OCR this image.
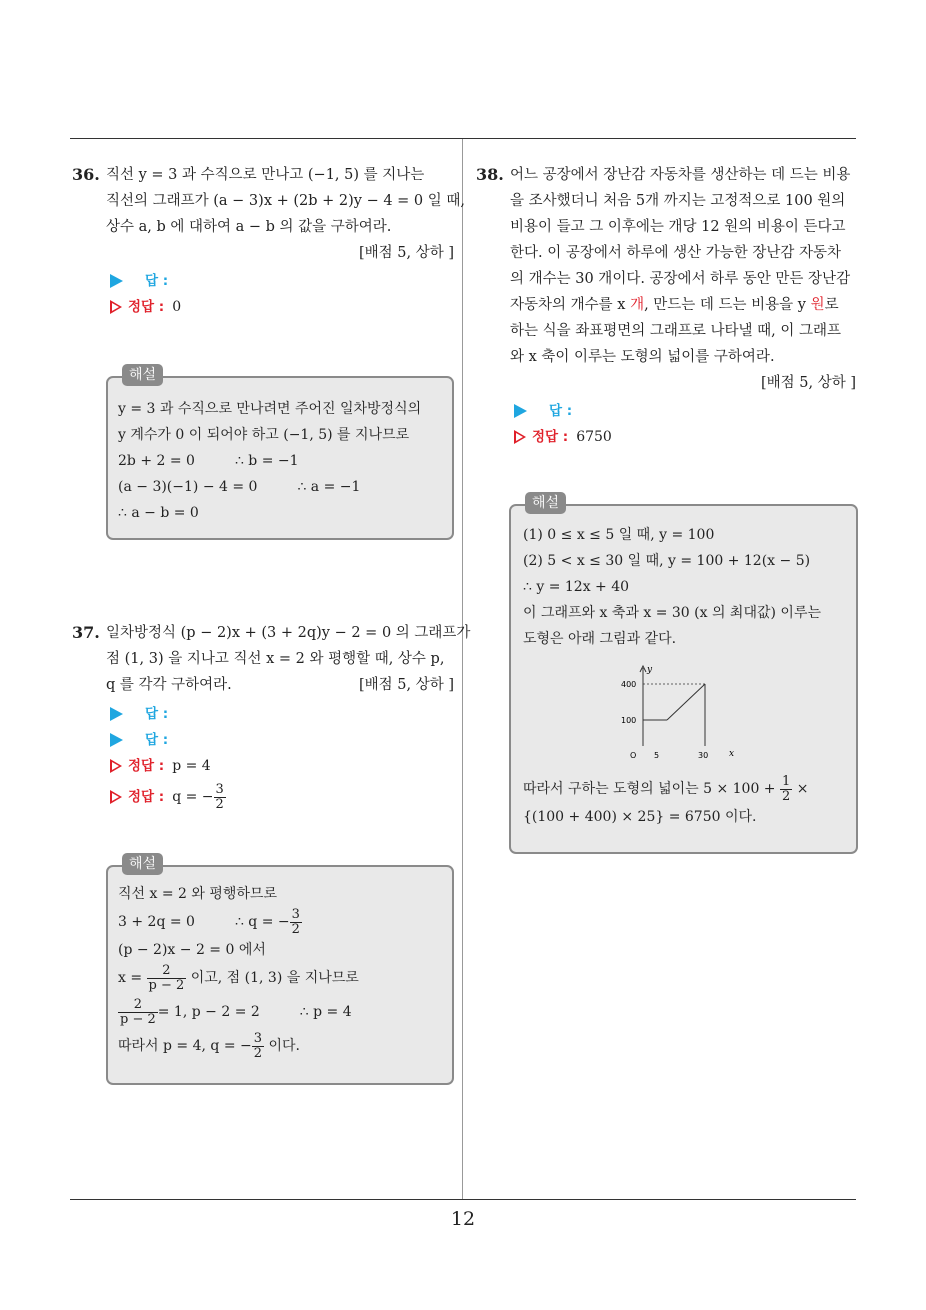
36. 직선 y = 3 과 수직으로 만나고 (−1, 5) 를 지나는
직선의 그래프가 (a − 3)x + (2b + 2)y − 4 = 0 일 때,
상수 a, b 에 대하여 a − b 의 값을 구하여라.
[배점 5, 상하 ]
답 :
정답 : 0
해설
y = 3 과 수직으로 만나려면 주어진 일차방정식의
y 계수가 0 이 되어야 하고 (−1, 5) 를 지나므로
2b + 2 = 0	∴ b = −1
(a − 3)(−1) − 4 = 0	∴ a = −1
∴ a − b = 0
37. 일차방정식 (p − 2)x + (3 + 2q)y − 2 = 0 의 그래프가
점 (1, 3) 을 지나고 직선 x = 2 와 평행할 때, 상수 p,
q 를 각각 구하여라.	[배점 5, 상하 ]
답 :
답 :
정답 : p = 4
정답 : q = − $\frac{3}{2}$
해설
직선 x = 2 와 평행하므로
3 + 2q = 0	∴ q = − $\frac{3}{2}$
(p − 2)x − 2 = 0 에서
$x = \frac{2}{p - 2}$ 이고, 점 (1, 3) 을 지나므로
$\frac{2}{p - 2} = 1$, p − 2 = 2	∴ p = 4
따라서 p = 4, q = − $\frac{3}{2}$ 이다.
38. 어느 공장에서 장난감 자동차를 생산하는 데 드는 비용
을 조사했더니 처음 5개 까지는 고정적으로 100 원의
비용이 들고 그 이후에는 개당 12 원의 비용이 든다고
한다. 이 공장에서 하루에 생산 가능한 장난감 자동차
의 개수는 30 개이다. 공장에서 하루 동안 만든 장난감
자동차의 개수를 x 개, 만드는 데 드는 비용을 y 원로
하는 식을 좌표평면의 그래프로 나타낼 때, 이 그래프
와 x 축이 이루는 도형의 넓이를 구하여라.
[배점 5, 상하 ]
답 :
정답 : 6750
해설
(1) 0 ≤ x ≤ 5 일 때, y = 100
(2) 5 < x ≤ 30 일 때, y = 100 + 12(x − 5)
∴ y = 12x + 40
이 그래프와 x 축과 x = 30 (x 의 최대값) 이루는
도형은 아래 그림과 같다.
y
400
100
O 5	30 x
따라서 구하는 도형의 넓이는 $5 \times 100 + \frac{1}{2}$ ×
{(100 + 400) × 25} = 6750 이다.
12
